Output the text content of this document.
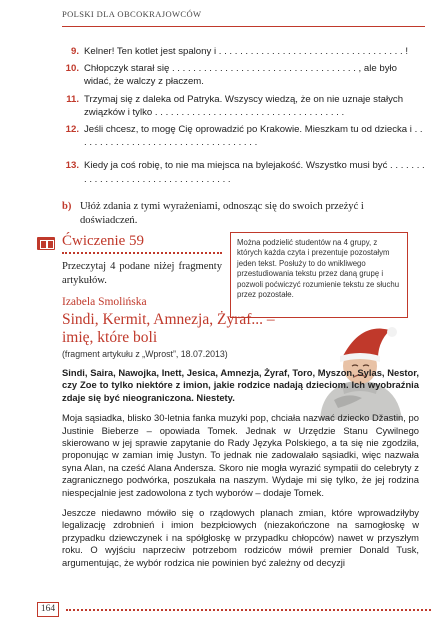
POLSKI DLA OBCOKRAJOWCÓW
9. Kelner! Ten kotlet jest spalony i . . . . . . . . . . . . . . . . . . . . . . . . . . . . . . . . . . . !
10. Chłopczyk starał się . . . . . . . . . . . . . . . . . . . . . . . . . . . . . . . . . . . , ale było widać, że walczy z płaczem.
11. Trzymaj się z daleka od Patryka. Wszyscy wiedzą, że on nie uznaje stałych związków i tylko . . . . . . . . . . . . . . . . . . . . . . . . . . . . . . . . . . . .
12. Jeśli chcesz, to mogę Cię oprowadzić po Krakowie. Mieszkam tu od dziecka i . . . . . . . . . . . . . . . . . . . . . . . . . . . . . . . . . . .
13. Kiedy ja coś robię, to nie ma miejsca na bylejakość. Wszystko musi być . . . . . . . . . . . . . . . . . . . . . . . . . . . . . . . . . . .
b) Ułóż zdania z tymi wyrażeniami, odnosząc się do swoich przeżyć i doświadczeń.
Ćwiczenie 59
Przeczytaj 4 podane niżej fragmenty artykułów.
Można podzielić studentów na 4 grupy, z których każda czyta i prezentuje pozostałym jeden tekst. Posłuży to do wnikliwego przestudiowania tekstu przez daną grupę i pozwoli poćwiczyć rozumienie tekstu ze słuchu przez pozostałe.
Izabela Smolińska
Sindi, Kermit, Amnezja, Żyraf... – imię, które boli
(fragment artykułu z „Wprost”, 18.07.2013)

Sindi, Saira, Nawojka, Inett, Jesica, Amnezja, Żyraf, Toro, Myszon, Sylas, Nestor, czy Zoe to tylko niektóre z imion, jakie rodzice nadają dzieciom. Ich wyobraźnia zdaje się być nieograniczona. Niestety.

Moja sąsiadka, blisko 30-letnia fanka muzyki pop, chciała nazwać dziecko Džastin, po Justinie Bieberze – opowiada Tomek. Jednak w Urzędzie Stanu Cywilnego skierowano w jej sprawie zapytanie do Rady Języka Polskiego, a ta się nie zgodziła, proponując w zamian imię Justyn. To jednak nie zadowalało sąsiadki, więc nazwała syna Alan, na cześć Alana Andersza. Skoro nie mogła wyrazić sympatii do celebryty z zagranicznego podwórka, poszukała na naszym. Wydaje mi się tylko, że jej rodzina niespecjalnie jest zadowolona z tych wyborów – dodaje Tomek.

Jeszcze niedawno mówiło się o rządowych planach zmian, które wprowadziłyby legalizację zdrobnień i imion bezpłciowych (niezakończone na samogłoskę w przypadku dziewczynek i na spółgłoskę w przypadku chłopców) nawet w przyszłym roku. O wyjściu naprzeciw potrzebom rodziców mówił premier Donald Tusk, argumentując, że wybór rodzica nie powinien być zależny od decyzji

164
